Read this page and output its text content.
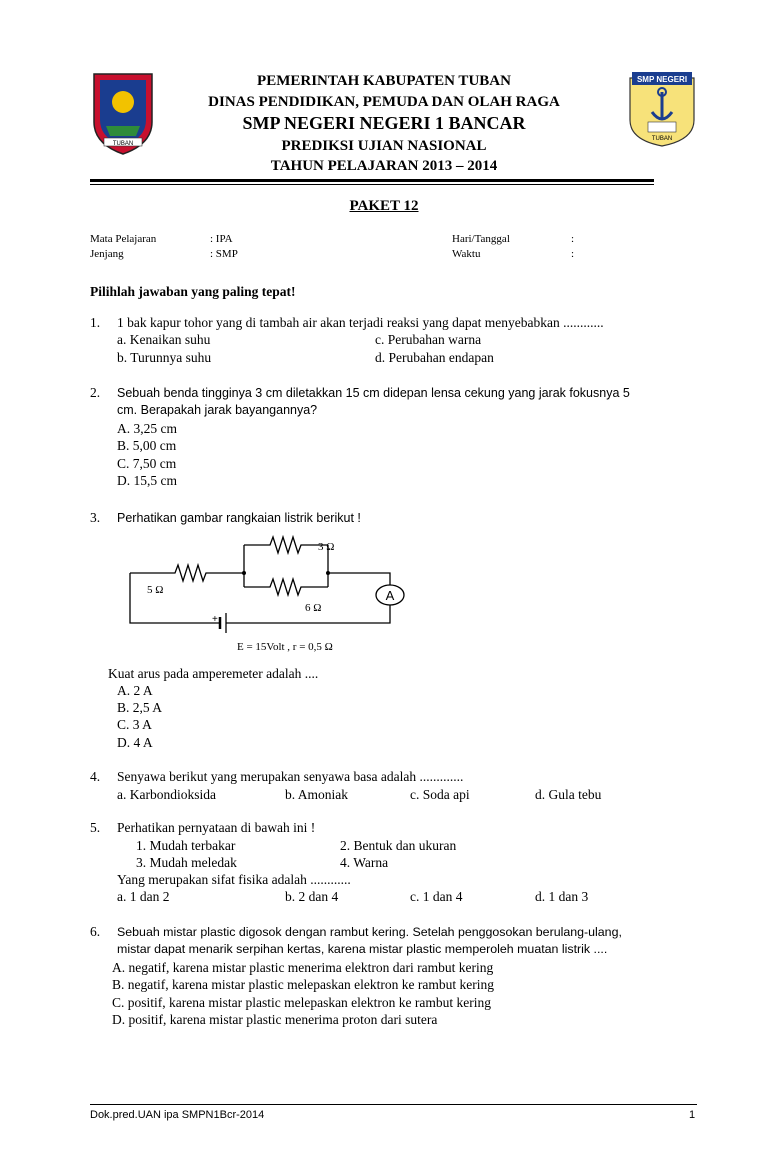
TUBAN
SMP NEGERI
TUBAN
PEMERINTAH KABUPATEN TUBAN
DINAS PENDIDIKAN, PEMUDA DAN OLAH RAGA
SMP NEGERI NEGERI 1 BANCAR
PREDIKSI UJIAN NASIONAL
TAHUN PELAJARAN 2013 – 2014
PAKET 12
Mata Pelajaran	: IPA	Hari/Tanggal	:
Jenjang	: SMP	Waktu	:
Pilihlah jawaban yang paling tepat!
1. 1 bak kapur tohor yang di tambah air akan terjadi reaksi yang dapat menyebabkan ............
a. Kenaikan suhu	c. Perubahan warna
b. Turunnya suhu	d. Perubahan endapan
2. Sebuah benda tingginya 3 cm diletakkan 15 cm didepan lensa cekung yang jarak fokusnya 5
cm. Berapakah jarak bayangannya?
A. 3,25 cm
B. 5,00 cm
C. 7,50 cm
D. 15,5 cm
3. Perhatikan gambar rangkaian listrik berikut !
3 Ω
6 Ω
5 Ω	A
+
E = 15Volt , r = 0,5 Ω
Kuat arus pada amperemeter adalah ....
A. 2 A
B. 2,5 A
C. 3 A
D. 4 A
4. Senyawa berikut yang merupakan senyawa basa adalah .............
a. Karbondioksida	b. Amoniak	c. Soda api	d. Gula tebu
5. Perhatikan pernyataan di bawah ini !
1. Mudah terbakar	2. Bentuk dan ukuran
3. Mudah meledak	4. Warna
Yang merupakan sifat fisika adalah ............
a. 1 dan 2	b. 2 dan 4	c. 1 dan 4	d. 1 dan 3
6. Sebuah mistar plastic digosok dengan rambut kering. Setelah penggosokan berulang-ulang,
mistar dapat menarik serpihan kertas, karena mistar plastic memperoleh muatan listrik ....
A. negatif, karena mistar plastic menerima elektron dari rambut kering
B. negatif, karena mistar plastic melepaskan elektron ke rambut kering
C. positif, karena mistar plastic melepaskan elektron ke rambut kering
D. positif, karena mistar plastic menerima proton dari sutera
Dok.pred.UAN ipa SMPN1Bcr-2014	1
